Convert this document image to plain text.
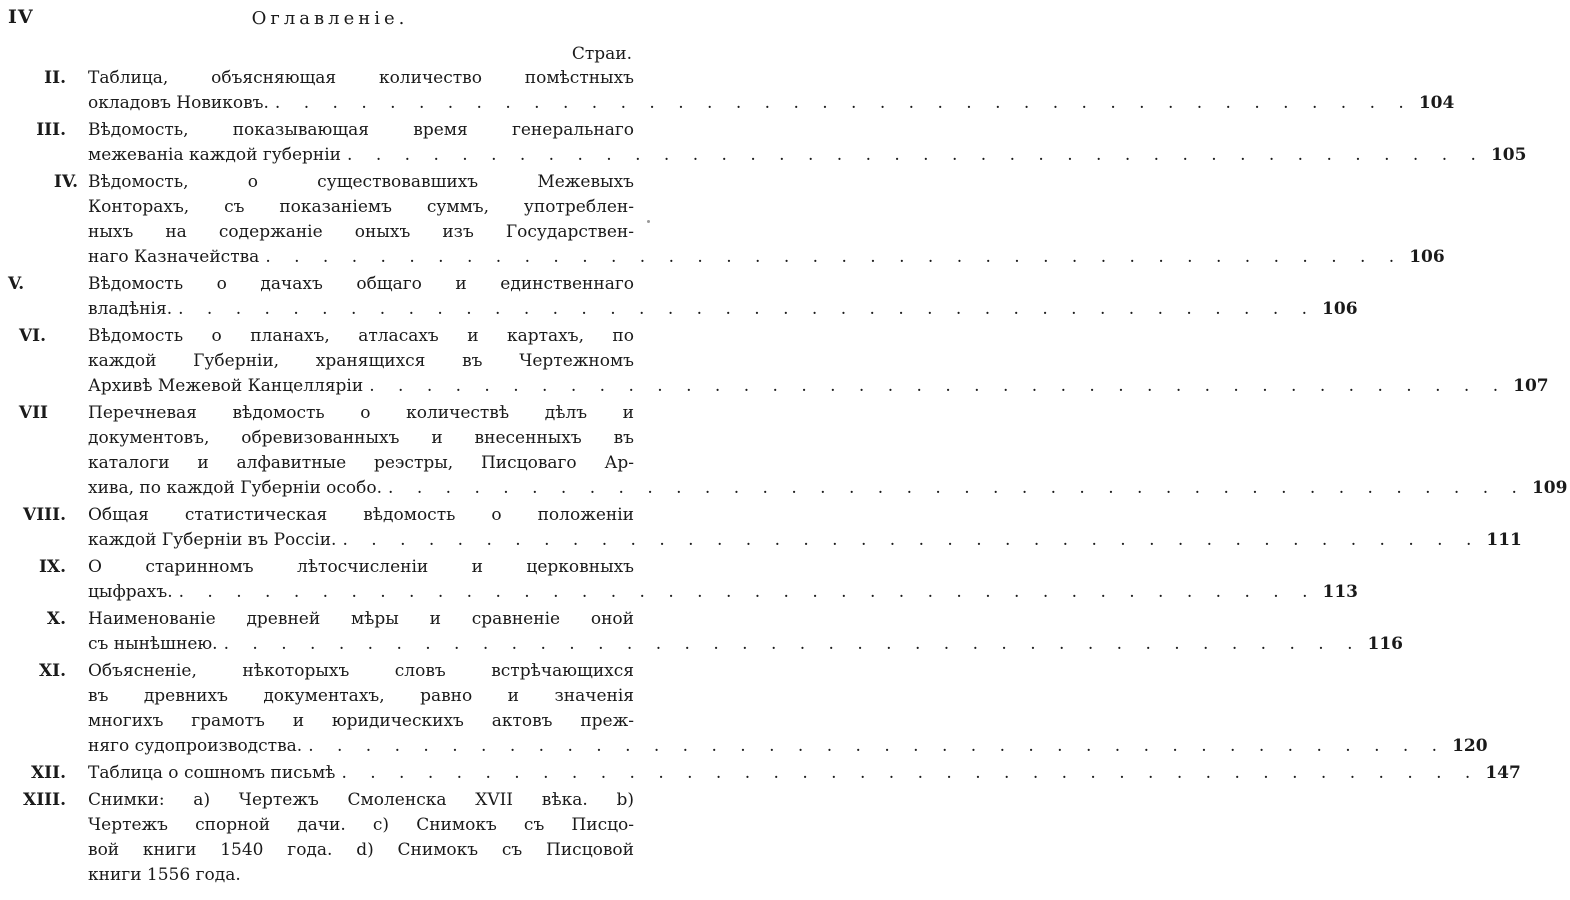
IV	Оглавленіе.
Страи.
II. Таблица, объясняющая количество помѣстныхъ
окладовъ Новиковъ. . . . . . . . . . . . . . . . . . . . . . . . . . . . . . . . . . . . . . . . . 104
III. Вѣдомость, показывающая время генеральнаго
межеваніа каждой губерніи . . . . . . . . . . . . . . . . . . . . . . . . . . . . . . . . . . . . . . . . 105
IV. Вѣдомость, о существовавшихъ Межевыхъ
Конторахъ, съ показаніемъ суммъ, употреблен-
ныхъ на содержаніе оныхъ изъ Государствен-
наго Казначейства . . . . . . . . . . . . . . . . . . . . . . . . . . . . . . . . . . . . . . . . 106
V.	Вѣдомость о дачахъ общаго и единственнаго
владѣнія. . . . . . . . . . . . . . . . . . . . . . . . . . . . . . . . . . . . . . . . . 106
VI. Вѣдомость о планахъ, атласахъ и картахъ, по
каждой Губерніи, хранящихся въ Чертежномъ
Архивѣ Межевой Канцелляріи . . . . . . . . . . . . . . . . . . . . . . . . . . . . . . . . . . . . . . . . 107
VII Перечневая вѣдомость о количествѣ дѣлъ и
документовъ, обревизованныхъ и внесенныхъ въ
каталоги и алфавитные реэстры, Писцоваго Ар-
хива, по каждой Губерніи особо. . . . . . . . . . . . . . . . . . . . . . . . . . . . . . . . . . . . . . . . . 109
VIII. Общая статистическая вѣдомость о положеніи
каждой Губерніи въ Россіи. . . . . . . . . . . . . . . . . . . . . . . . . . . . . . . . . . . . . . . . . 111
IX. О старинномъ лѣтосчисленіи и церковныхъ
цыфрахъ. . . . . . . . . . . . . . . . . . . . . . . . . . . . . . . . . . . . . . . . . 113
X. Наименованіе древней мѣры и сравненіе оной
съ нынѣшнею. . . . . . . . . . . . . . . . . . . . . . . . . . . . . . . . . . . . . . . . . 116
XI. Объясненіе, нѣкоторыхъ словъ встрѣчающихся
въ древнихъ документахъ, равно и значенія
многихъ грамотъ и юридическихъ актовъ преж-
няго судопроизводства. . . . . . . . . . . . . . . . . . . . . . . . . . . . . . . . . . . . . . . . . 120
XII. Таблица о сошномъ письмѣ . . . . . . . . . . . . . . . . . . . . . . . . . . . . . . . . . . . . . . . . 147
XIII. Снимки: а) Чертежъ Смоленска XVII вѣка. b)
Чертежъ спорной дачи. с) Снимокъ съ Писцо-
вой книги 1540 года. d) Снимокъ съ Писцовой
книги 1556 года.
